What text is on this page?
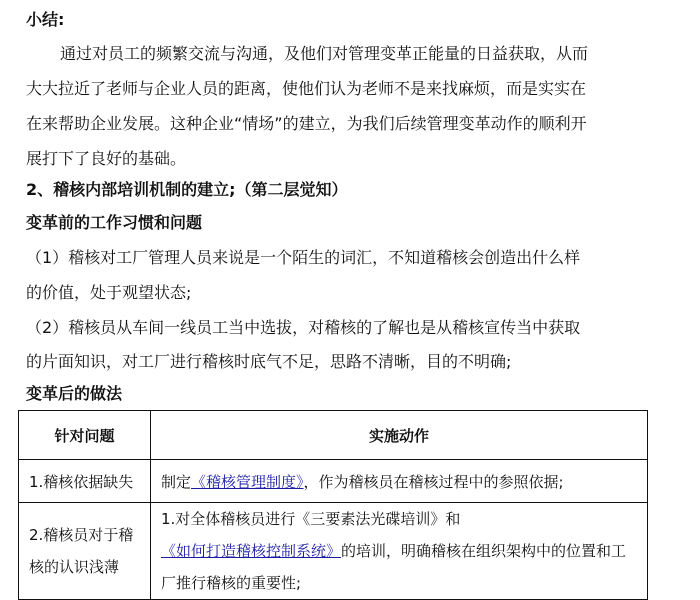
小结:
通过对员工的频繁交流与沟通，及他们对管理变革正能量的日益获取，从而
大大拉近了老师与企业人员的距离，使他们认为老师不是来找麻烦，而是实实在
在来帮助企业发展。这种企业“情场”的建立，为我们后续管理变革动作的顺利开
展打下了良好的基础。
2、稽核内部培训机制的建立;（第二层觉知）
变革前的工作习惯和问题
（1）稽核对工厂管理人员来说是一个陌生的词汇，不知道稽核会创造出什么样
的价值，处于观望状态;
（2）稽核员从车间一线员工当中选拔，对稽核的了解也是从稽核宣传当中获取
的片面知识，对工厂进行稽核时底气不足，思路不清晰，目的不明确;
变革后的做法
针对问题	实施动作
1.稽核依据缺失	制定《稽核管理制度》，作为稽核员在稽核过程中的参照依据;
2.稽核员对于稽核的认识浅薄	1.对全体稽核员进行《三要素法光碟培训》和《如何打造稽核控制系统》的培训，明确稽核在组织架构中的位置和工厂推行稽核的重要性;
